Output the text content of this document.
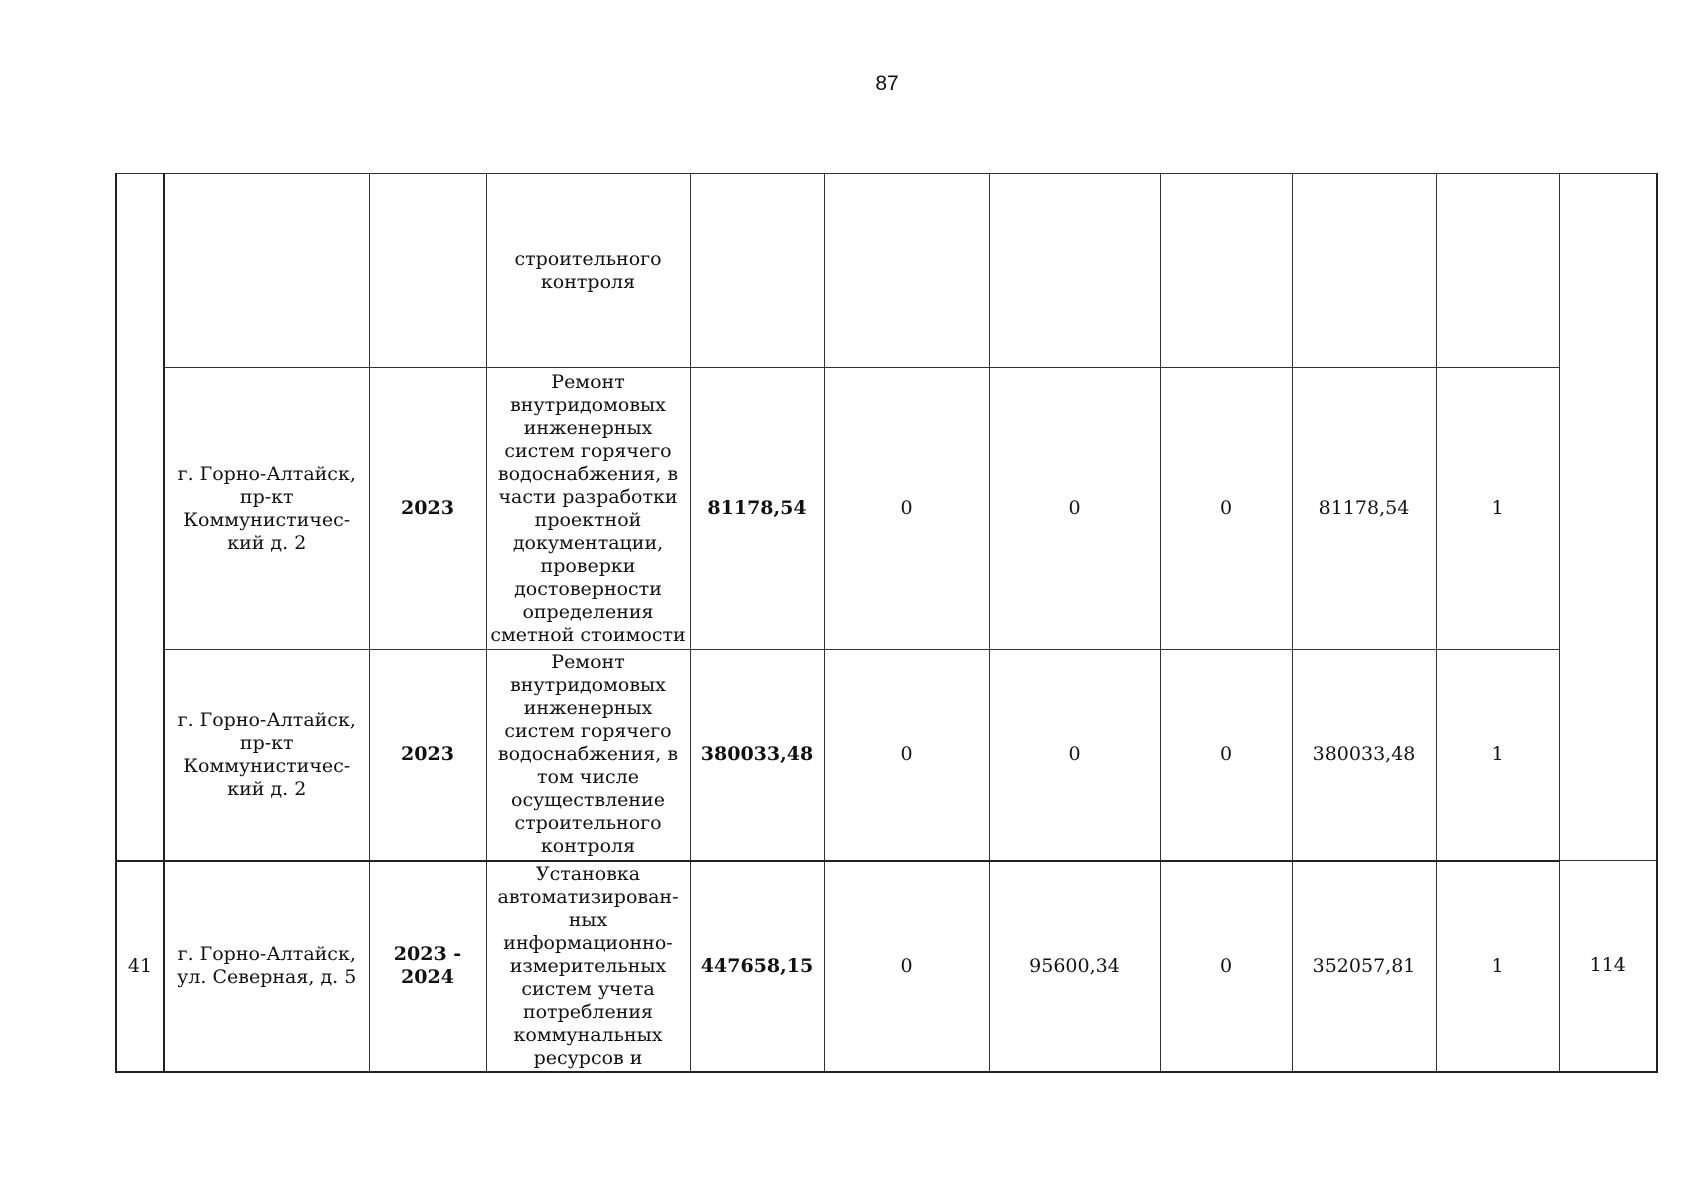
87
			строительного контроля							
	г. Горно-Алтайск, пр-кт Коммунистичес-кий д. 2	2023	Ремонт внутридомовых инженерных систем горячего водоснабжения, в части разработки проектной документации, проверки достоверности определения сметной стоимости	81178,54	0	0	0	81178,54	1	
	г. Горно-Алтайск, пр-кт Коммунистичес-кий д. 2	2023	Ремонт внутридомовых инженерных систем горячего водоснабжения, в том числе осуществление строительного контроля	380033,48	0	0	0	380033,48	1	
41	г. Горно-Алтайск, ул. Северная, д. 5	2023 - 2024	Установка автоматизирован-ных информационно-измерительных систем учета потребления коммунальных ресурсов и	447658,15	0	95600,34	0	352057,81	1	114
